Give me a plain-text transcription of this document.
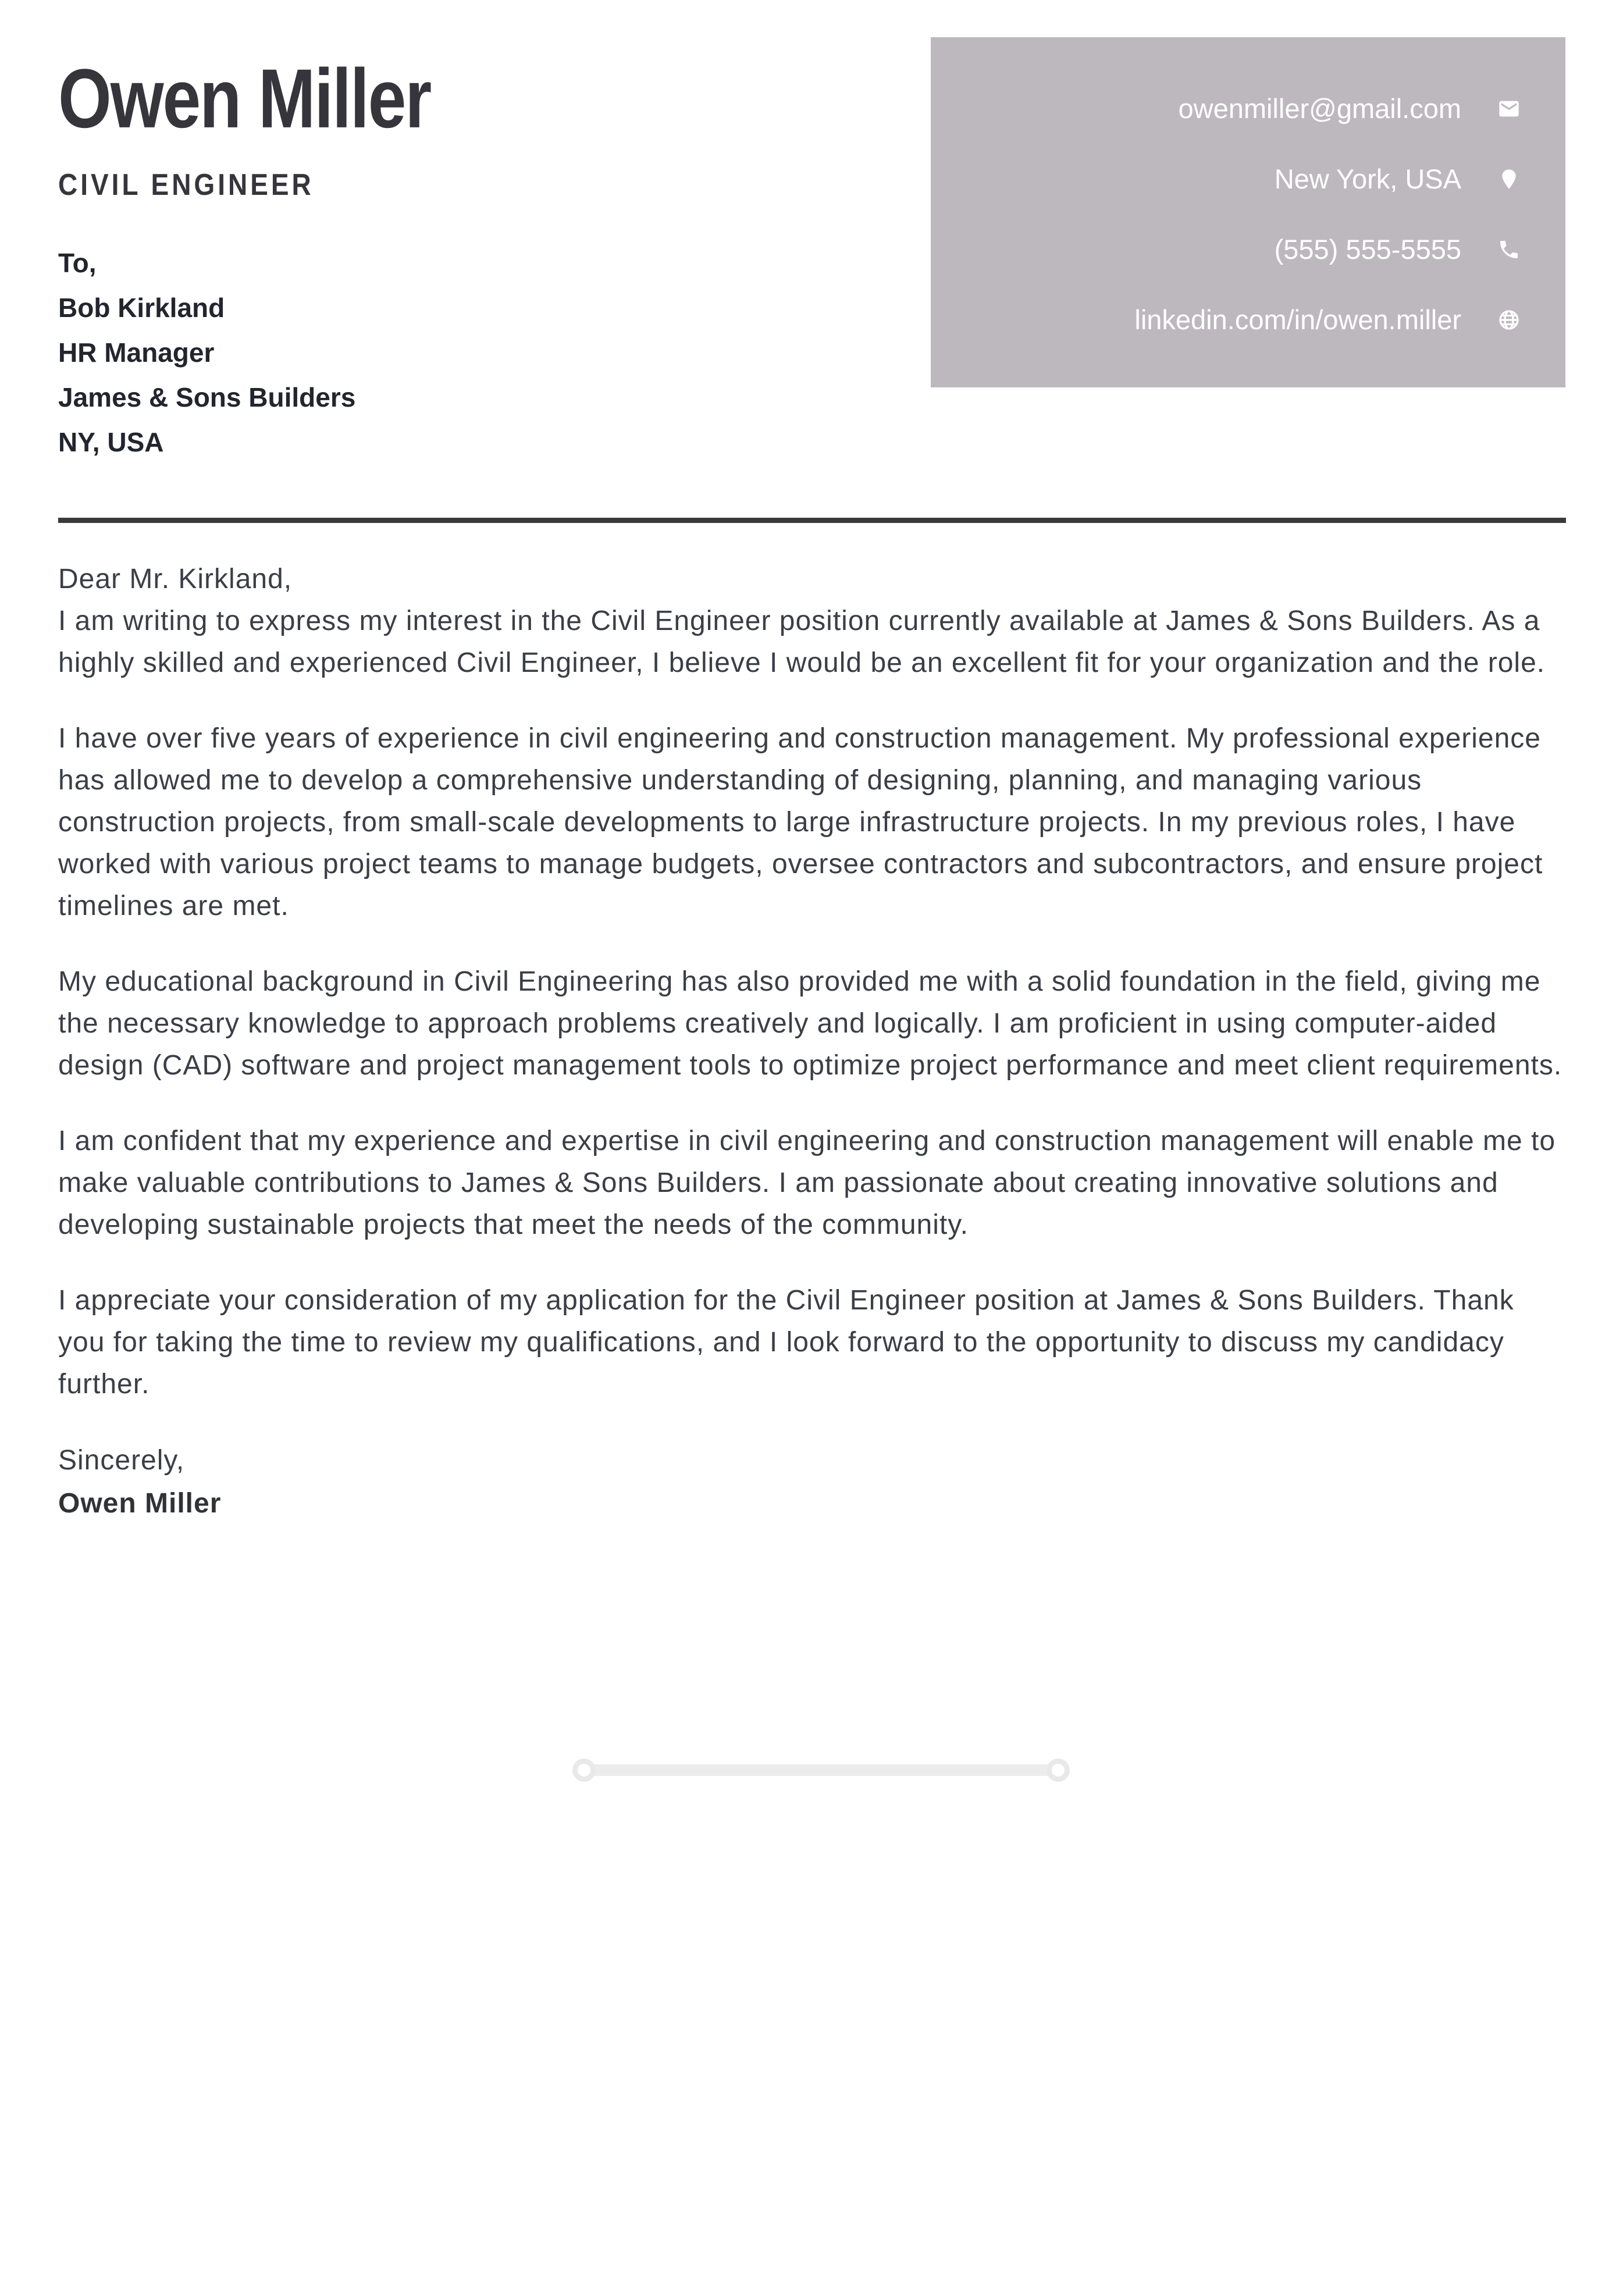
Owen Miller
CIVIL ENGINEER
To,
Bob Kirkland
HR Manager
James & Sons Builders
NY, USA
owenmiller@gmail.com
New York, USA
(555) 555-5555
linkedin.com/in/owen.miller
Dear Mr. Kirkland,

I am writing to express my interest in the Civil Engineer position currently available at James & Sons Builders. As a highly skilled and experienced Civil Engineer, I believe I would be an excellent fit for your organization and the role.

I have over five years of experience in civil engineering and construction management. My professional experience has allowed me to develop a comprehensive understanding of designing, planning, and managing various construction projects, from small-scale developments to large infrastructure projects. In my previous roles, I have worked with various project teams to manage budgets, oversee contractors and subcontractors, and ensure project timelines are met.

My educational background in Civil Engineering has also provided me with a solid foundation in the field, giving me the necessary knowledge to approach problems creatively and logically. I am proficient in using computer-aided design (CAD) software and project management tools to optimize project performance and meet client requirements.

I am confident that my experience and expertise in civil engineering and construction management will enable me to make valuable contributions to James & Sons Builders. I am passionate about creating innovative solutions and developing sustainable projects that meet the needs of the community.

I appreciate your consideration of my application for the Civil Engineer position at James & Sons Builders. Thank you for taking the time to review my qualifications, and I look forward to the opportunity to discuss my candidacy further.

Sincerely,
Owen Miller
